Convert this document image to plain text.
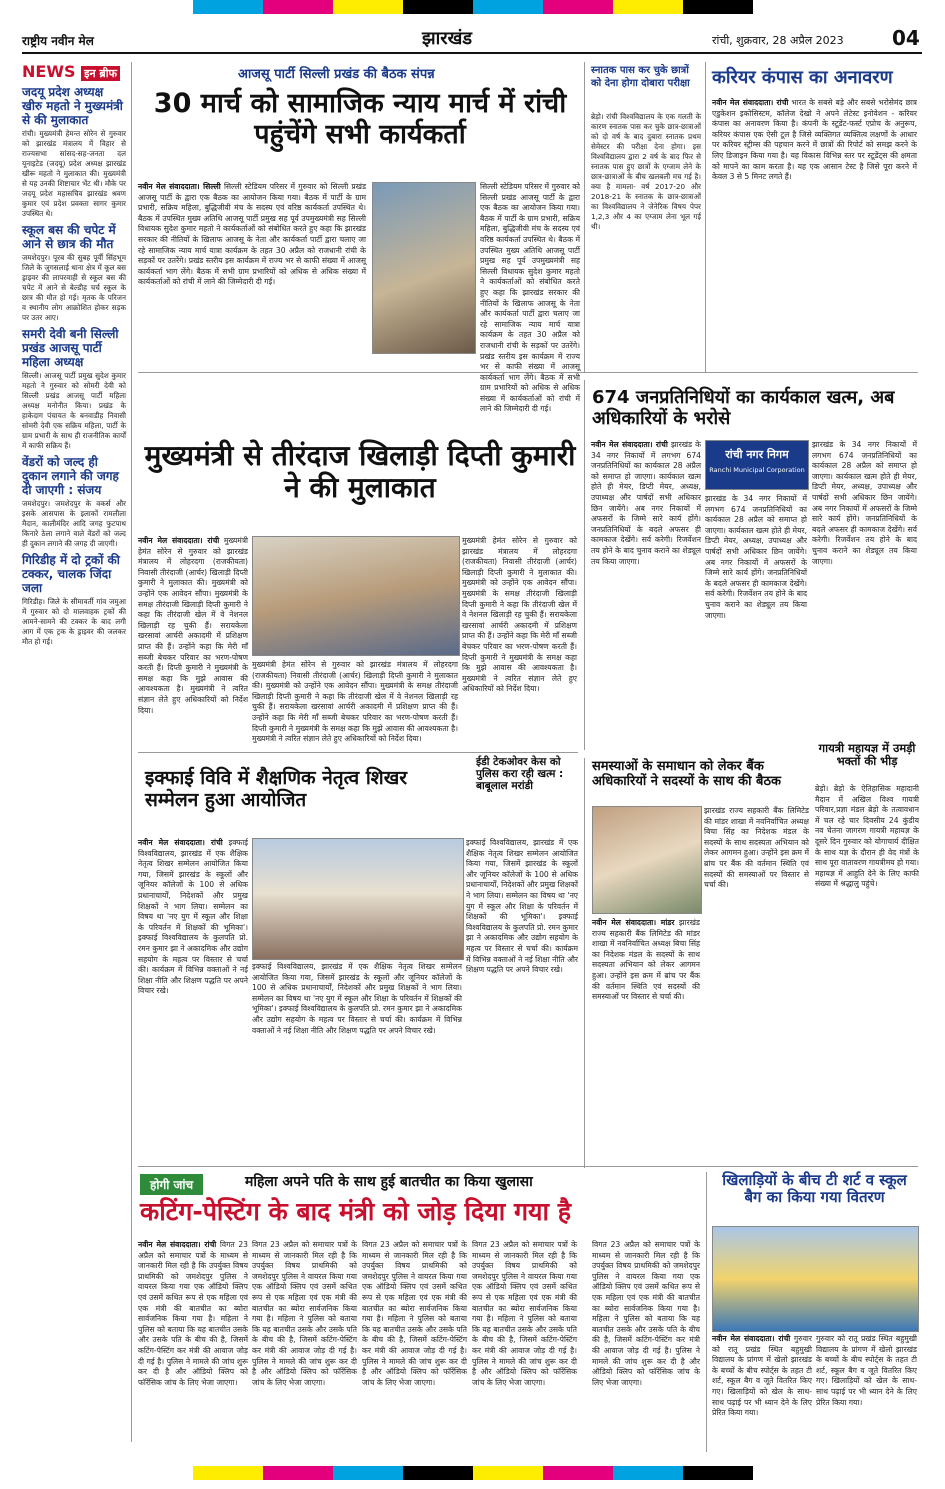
राष्ट्रीय नवीन मेल	झारखंड	रांची, शुक्रवार, 28 अप्रैल 2023 04
NEWS इन ब्रीफ
जदयू प्रदेश अध्यक्ष खीरु महतो ने मुख्यमंत्री से की मुलाकात
रांची। मुख्यमंत्री हेमन्त सोरेन से गुरुवार को झारखंड मंत्रालय में विहार से राज्यसभा सांसद-सह-जनता दल यूनाइटेड (जदयू) प्रदेश अध्यक्ष झारखंड खीरू महतो ने मुलाकात की। मुख्यमंत्री से यह उनकी शिष्टाचार भेंट थी। मौके पर जदयू प्रदेश महासचिव झारखंड श्रवण कुमार एवं प्रदेश प्रवक्ता सागर कुमार उपस्थित थे।
स्कूल बस की चपेट में आने से छात्र की मौत
जमशेदपुर। पूरब की सुबह पूर्वी सिंहभूम जिले के जुगसलाई थाना क्षेत्र में कूल बस ड्राइवर की लापरवाही से स्कूल बस की चपेट में आने से बेल्डीह चर्च स्कूल के छात्र की मौत हो गई। मृतक के परिजन व स्थानीय लोग आक्रोशित होकर सड़क पर उतर आए।
समरी देवी बनी सिल्ली प्रखंड आजसू पार्टी महिला अध्यक्ष
सिल्ली। आजसू पार्टी प्रमुख सुदेश कुमार महतो ने गुरुवार को सोमरी देवी को सिल्ली प्रखंड आजसू पार्टी महिला अध्यक्ष मनोनीत किया। प्रखंड के हाकेदाग पंचायत के बनवाडीह निवासी सोमरी देवी एक सक्रिय महिला, पार्टी के ग्राम प्रभारी के साथ ही राजनीतिक कार्यों में काफी सक्रिय हैं।
वेंडरों को जल्द ही दुकान लगाने की जगह दी जाएगी : संजय
जमशेदपुर। जमशेदपुर के वकर्स और इसके आसपास के इलाकों रामलीला मैदान, कालीमंदिर आदि जगह फुटपाथ किनारे ठेला लगाने वाले वेंडरों को जल्द ही दुकान लगाने की जगह दी जाएगी।
गिरिडीह में दो ट्रकों की टक्कर, चालक जिंदा जला
गिरिडीह। जिले के सीमावर्ती गांव जमुआ में गुरुवार को दो मालवाहक ट्रकों की आमने-सामने की टक्कर के बाद लगी आग में एक ट्रक के ड्राइवर की जलकर मौत हो गई।
आजसू पार्टी सिल्ली प्रखंड की बैठक संपन्न
30 मार्च को सामाजिक न्याय मार्च में रांची पहुंचेंगे सभी कार्यकर्ता
नवीन मेल संवाददाता। सिल्ली सिल्ली स्टेडियम परिसर में गुरुवार को सिल्ली प्रखंड आजसू पार्टी के द्वारा एक बैठक का आयोजन किया गया। बैठक में पार्टी के ग्राम प्रभारी, सक्रिय महिला, बुद्धिजीवी मंच के सदस्य एवं वरिष्ठ कार्यकर्ता उपस्थित थे। बैठक में उपस्थित मुख्य अतिथि आजसू पार्टी प्रमुख सह पूर्व उपमुख्यमंत्री सह सिल्ली विधायक सुदेश कुमार महतो ने कार्यकर्ताओं को संबोधित करते हुए कहा कि झारखंड सरकार की नीतियों के खिलाफ आजसू के नेता और कार्यकर्ता पार्टी द्वारा चलाए जा रहे सामाजिक न्याय मार्च यात्रा कार्यक्रम के तहत 30 अप्रैल को राजधानी रांची के सड़कों पर उतरेंगे। प्रखंड स्तरीय इस कार्यक्रम में राज्य भर से काफी संख्या में आजसू कार्यकर्ता भाग लेंगे। बैठक में सभी ग्राम प्रभारियों को अधिक से अधिक संख्या में कार्यकर्ताओं को रांची में लाने की जिम्मेदारी दी गई।
सिल्ली स्टेडियम परिसर में गुरुवार को सिल्ली प्रखंड आजसू पार्टी के द्वारा एक बैठक का आयोजन किया गया। बैठक में पार्टी के ग्राम प्रभारी, सक्रिय महिला, बुद्धिजीवी मंच के सदस्य एवं वरिष्ठ कार्यकर्ता उपस्थित थे। बैठक में उपस्थित मुख्य अतिथि आजसू पार्टी प्रमुख सह पूर्व उपमुख्यमंत्री सह सिल्ली विधायक सुदेश कुमार महतो ने कार्यकर्ताओं को संबोधित करते हुए कहा कि झारखंड सरकार की नीतियों के खिलाफ आजसू के नेता और कार्यकर्ता पार्टी द्वारा चलाए जा रहे सामाजिक न्याय मार्च यात्रा कार्यक्रम के तहत 30 अप्रैल को राजधानी रांची के सड़कों पर उतरेंगे। प्रखंड स्तरीय इस कार्यक्रम में राज्य भर से काफी संख्या में आजसू कार्यकर्ता भाग लेंगे। बैठक में सभी ग्राम प्रभारियों को अधिक से अधिक संख्या में कार्यकर्ताओं को रांची में लाने की जिम्मेदारी दी गई।
स्नातक पास कर चुके छात्रों को देना होगा दोबारा परीक्षा
ब्रेड़ो। रांची विश्वविद्यालय के एक गलती के कारण स्नातक पास कर चुके छात्र-छात्राओं को दो वर्ष के बाद दुबारा स्नातक प्रथम सेमेस्टर की परीक्षा देना होगा। इस विश्वविद्यालय द्वारा 2 वर्ष के बाद फिर से स्नातक पास हुए छात्रों के एग्जाम लेने के छात्र-छात्राओं के बीच खलबली मच गई है। क्या है मामला- वर्ष 2017-20 और 2018-21 के स्नातक के छात्र-छात्राओं का विश्वविद्यालय ने जेनेरिक विषय पेपर 1,2,3 और 4 का एग्जाम लेना भूल गई थी।
करियर कंपास का अनावरण
नवीन मेल संवाददाता। रांची भारत के सबसे बड़े और सबसे भरोसेमंद छात्र एडुकेशन इकोसिस्टम, कॉलेज देखो ने अपने लेटेस्ट इनोवेशन - करियर कंपास का अनावरण किया है। कंपनी के स्टूडेंट-फर्स्ट एप्रोच के अनुरूप, करियर कंपास एक ऐसी टूल है जिसे व्यक्तिगत व्यक्तित्व लक्षणों के आधार पर करियर स्ट्रीम्स की पहचान करने में छात्रों की रिपोर्ट को समझ करने के लिए डिजाइन किया गया है। यह विकास विभिन्न स्तर पर स्टूडेंट्स की क्षमता को मापने का काम करता है। यह एक आसान टेस्ट है जिसे पूरा करने में केवल 3 से 5 मिनट लगते हैं।
मुख्यमंत्री से तीरंदाज खिलाड़ी दिप्ती कुमारी ने की मुलाकात
नवीन मेल संवाददाता। रांची मुख्यमंत्री हेमंत सोरेन से गुरुवार को झारखंड मंत्रालय में लोहरदगा (राजकीयता) निवासी तीरंदाजी (आर्चर) खिलाड़ी दिप्ती कुमारी ने मुलाकात की। मुख्यमंत्री को उन्होंने एक आवेदन सौंपा। मुख्यमंत्री के समक्ष तीरंदाजी खिलाड़ी दिप्ती कुमारी ने कहा कि तीरंदाजी खेल में वे नेशनल खिलाड़ी रह चुकी हैं। सरायकेला खरसावां आर्चरी अकादमी में प्रशिक्षण प्राप्त की हैं। उन्होंने कहा कि मेरी माँ सब्जी बेचकर परिवार का भरण-पोषण करती हैं। दिप्ती कुमारी ने मुख्यमंत्री के समक्ष कहा कि मुझे आवास की आवश्यकता है। मुख्यमंत्री ने त्वरित संज्ञान लेते हुए अधिकारियों को निर्देश दिया।
मुख्यमंत्री हेमंत सोरेन से गुरुवार को झारखंड मंत्रालय में लोहरदगा (राजकीयता) निवासी तीरंदाजी (आर्चर) खिलाड़ी दिप्ती कुमारी ने मुलाकात की। मुख्यमंत्री को उन्होंने एक आवेदन सौंपा। मुख्यमंत्री के समक्ष तीरंदाजी खिलाड़ी दिप्ती कुमारी ने कहा कि तीरंदाजी खेल में वे नेशनल खिलाड़ी रह चुकी हैं। सरायकेला खरसावां आर्चरी अकादमी में प्रशिक्षण प्राप्त की हैं। उन्होंने कहा कि मेरी माँ सब्जी बेचकर परिवार का भरण-पोषण करती हैं। दिप्ती कुमारी ने मुख्यमंत्री के समक्ष कहा कि मुझे आवास की आवश्यकता है। मुख्यमंत्री ने त्वरित संज्ञान लेते हुए अधिकारियों को निर्देश दिया।
मुख्यमंत्री हेमंत सोरेन से गुरुवार को झारखंड मंत्रालय में लोहरदगा (राजकीयता) निवासी तीरंदाजी (आर्चर) खिलाड़ी दिप्ती कुमारी ने मुलाकात की। मुख्यमंत्री को उन्होंने एक आवेदन सौंपा। मुख्यमंत्री के समक्ष तीरंदाजी खिलाड़ी दिप्ती कुमारी ने कहा कि तीरंदाजी खेल में वे नेशनल खिलाड़ी रह चुकी हैं। सरायकेला खरसावां आर्चरी अकादमी में प्रशिक्षण प्राप्त की हैं। उन्होंने कहा कि मेरी माँ सब्जी बेचकर परिवार का भरण-पोषण करती हैं। दिप्ती कुमारी ने मुख्यमंत्री के समक्ष कहा कि मुझे आवास की आवश्यकता है। मुख्यमंत्री ने त्वरित संज्ञान लेते हुए अधिकारियों को निर्देश दिया।
674 जनप्रतिनिधियों का कार्यकाल खत्म, अब अधिकारियों के भरोसे
नवीन मेल संवाददाता। रांची झारखंड के 34 नगर निकायों में लगभग 674 जनप्रतिनिधियों का कार्यकाल 28 अप्रैल को समाप्त हो जाएगा। कार्यकाल खत्म होते ही मेयर, डिप्टी मेयर, अध्यक्ष, उपाध्यक्ष और पार्षदों सभी अधिकार छिन जायेंगे। अब नगर निकायों में अफसरों के जिम्मे सारे कार्य होंगे। जनप्रतिनिधियों के बदले अफसर ही कामकाज देखेंगे। सर्व करेगी। रिजर्वेशन तय होने के बाद चुनाव कराने का शेड्यूल तय किया जाएगा।
रांची नगर निगम
Ranchi Municipal Corporation
झारखंड के 34 नगर निकायों में लगभग 674 जनप्रतिनिधियों का कार्यकाल 28 अप्रैल को समाप्त हो जाएगा। कार्यकाल खत्म होते ही मेयर, डिप्टी मेयर, अध्यक्ष, उपाध्यक्ष और पार्षदों सभी अधिकार छिन जायेंगे। अब नगर निकायों में अफसरों के जिम्मे सारे कार्य होंगे। जनप्रतिनिधियों के बदले अफसर ही कामकाज देखेंगे। सर्व करेगी। रिजर्वेशन तय होने के बाद चुनाव कराने का शेड्यूल तय किया जाएगा।
झारखंड के 34 नगर निकायों में लगभग 674 जनप्रतिनिधियों का कार्यकाल 28 अप्रैल को समाप्त हो जाएगा। कार्यकाल खत्म होते ही मेयर, डिप्टी मेयर, अध्यक्ष, उपाध्यक्ष और पार्षदों सभी अधिकार छिन जायेंगे। अब नगर निकायों में अफसरों के जिम्मे सारे कार्य होंगे। जनप्रतिनिधियों के बदले अफसर ही कामकाज देखेंगे। सर्व करेगी। रिजर्वेशन तय होने के बाद चुनाव कराने का शेड्यूल तय किया जाएगा।
इक्फाई विवि में शैक्षणिक नेतृत्व शिखर सम्मेलन हुआ आयोजित
नवीन मेल संवाददाता। रांची इक्फाई विश्वविद्यालय, झारखंड में एक शैक्षिक नेतृत्व शिखर सम्मेलन आयोजित किया गया, जिसमें झारखंड के स्कूलों और जूनियर कॉलेजों के 100 से अधिक प्रधानाचार्यों, निदेशकों और प्रमुख शिक्षकों ने भाग लिया। सम्मेलन का विषय था 'नए युग में स्कूल और शिक्षा के परिवर्तन में शिक्षकों की भूमिका'। इक्फाई विश्वविद्यालय के कुलपति प्रो. रमन कुमार झा ने अकादमिक और उद्योग सहयोग के महत्व पर विस्तार से चर्चा की। कार्यक्रम में विभिन्न वक्ताओं ने नई शिक्षा नीति और शिक्षण पद्धति पर अपने विचार रखे।
इक्फाई विश्वविद्यालय, झारखंड में एक शैक्षिक नेतृत्व शिखर सम्मेलन आयोजित किया गया, जिसमें झारखंड के स्कूलों और जूनियर कॉलेजों के 100 से अधिक प्रधानाचार्यों, निदेशकों और प्रमुख शिक्षकों ने भाग लिया। सम्मेलन का विषय था 'नए युग में स्कूल और शिक्षा के परिवर्तन में शिक्षकों की भूमिका'। इक्फाई विश्वविद्यालय के कुलपति प्रो. रमन कुमार झा ने अकादमिक और उद्योग सहयोग के महत्व पर विस्तार से चर्चा की। कार्यक्रम में विभिन्न वक्ताओं ने नई शिक्षा नीति और शिक्षण पद्धति पर अपने विचार रखे।
इक्फाई विश्वविद्यालय, झारखंड में एक शैक्षिक नेतृत्व शिखर सम्मेलन आयोजित किया गया, जिसमें झारखंड के स्कूलों और जूनियर कॉलेजों के 100 से अधिक प्रधानाचार्यों, निदेशकों और प्रमुख शिक्षकों ने भाग लिया। सम्मेलन का विषय था 'नए युग में स्कूल और शिक्षा के परिवर्तन में शिक्षकों की भूमिका'। इक्फाई विश्वविद्यालय के कुलपति प्रो. रमन कुमार झा ने अकादमिक और उद्योग सहयोग के महत्व पर विस्तार से चर्चा की। कार्यक्रम में विभिन्न वक्ताओं ने नई शिक्षा नीति और शिक्षण पद्धति पर अपने विचार रखे।
ईडी टेकओवर केस को पुलिस करा रही खत्म : बाबूलाल मरांडी
समस्याओं के समाधान को लेकर बैंक अधिकारियों ने सदस्यों के साथ की बैठक
नवीन मेल संवाददाता। मांडर झारखंड राज्य सहकारी बैंक लिमिटेड की मांडर शाखा में नवनिर्वाचित अध्यक्ष बिचा सिंह का निदेशक मंडल के सदस्यों के साथ सदस्यता अभियान को लेकर आगमन हुआ। उन्होंने इस क्रम में ब्रांच पर बैंक की वर्तमान स्थिति एवं सदस्यों की समस्याओं पर विस्तार से चर्चा की।
झारखंड राज्य सहकारी बैंक लिमिटेड की मांडर शाखा में नवनिर्वाचित अध्यक्ष बिचा सिंह का निदेशक मंडल के सदस्यों के साथ सदस्यता अभियान को लेकर आगमन हुआ। उन्होंने इस क्रम में ब्रांच पर बैंक की वर्तमान स्थिति एवं सदस्यों की समस्याओं पर विस्तार से चर्चा की।
गायत्री महायज्ञ में उमड़ी भक्तों की भीड़
ब्रेड़ो। ब्रेड़ो के ऐतिहासिक महादानी मैदान में अखिल विश्व गायत्री परिवार,प्रज्ञा मंडल ब्रेड़ो के तत्वावधान में चल रहे चार दिवसीय 24 कुंडीय नव चेतना जागरण गायत्री महायज्ञ के दूसरे दिन गुरुवार को योगाचार्य दीक्षित के साथ यज्ञ के दौरान ही वेद मंत्रों के साथ पूरा वातावरण गायत्रीमय हो गया। महायज्ञ में आहुति देने के लिए काफी संख्या में श्रद्धालु पहुंचे।
होगी जांच	महिला अपने पति के साथ हुई बातचीत का किया खुलासा
कटिंग-पेस्टिंग के बाद मंत्री को जोड़ दिया गया है
नवीन मेल संवाददाता। रांची विगत 23 अप्रैल को समाचार पत्रों के माध्यम से जानकारी मिल रही है कि उपर्युक्त विषय प्राथमिकी को जमशेदपुर पुलिस ने वायरल किया गया एक ऑडियो क्लिप एवं उसमें कथित रूप से एक महिला एवं एक मंत्री की बातचीत का ब्योरा सार्वजनिक किया गया है। महिला ने पुलिस को बताया कि यह बातचीत उसके और उसके पति के बीच की है, जिसमें कटिंग-पेस्टिंग कर मंत्री की आवाज जोड़ दी गई है। पुलिस ने मामले की जांच शुरू कर दी है और ऑडियो क्लिप को फॉरेंसिक जांच के लिए भेजा जाएगा।
विगत 23 अप्रैल को समाचार पत्रों के माध्यम से जानकारी मिल रही है कि उपर्युक्त विषय प्राथमिकी को जमशेदपुर पुलिस ने वायरल किया गया एक ऑडियो क्लिप एवं उसमें कथित रूप से एक महिला एवं एक मंत्री की बातचीत का ब्योरा सार्वजनिक किया गया है। महिला ने पुलिस को बताया कि यह बातचीत उसके और उसके पति के बीच की है, जिसमें कटिंग-पेस्टिंग कर मंत्री की आवाज जोड़ दी गई है। पुलिस ने मामले की जांच शुरू कर दी है और ऑडियो क्लिप को फॉरेंसिक जांच के लिए भेजा जाएगा।
विगत 23 अप्रैल को समाचार पत्रों के माध्यम से जानकारी मिल रही है कि उपर्युक्त विषय प्राथमिकी को जमशेदपुर पुलिस ने वायरल किया गया एक ऑडियो क्लिप एवं उसमें कथित रूप से एक महिला एवं एक मंत्री की बातचीत का ब्योरा सार्वजनिक किया गया है। महिला ने पुलिस को बताया कि यह बातचीत उसके और उसके पति के बीच की है, जिसमें कटिंग-पेस्टिंग कर मंत्री की आवाज जोड़ दी गई है। पुलिस ने मामले की जांच शुरू कर दी है और ऑडियो क्लिप को फॉरेंसिक जांच के लिए भेजा जाएगा।
विगत 23 अप्रैल को समाचार पत्रों के माध्यम से जानकारी मिल रही है कि उपर्युक्त विषय प्राथमिकी को जमशेदपुर पुलिस ने वायरल किया गया एक ऑडियो क्लिप एवं उसमें कथित रूप से एक महिला एवं एक मंत्री की बातचीत का ब्योरा सार्वजनिक किया गया है। महिला ने पुलिस को बताया कि यह बातचीत उसके और उसके पति के बीच की है, जिसमें कटिंग-पेस्टिंग कर मंत्री की आवाज जोड़ दी गई है। पुलिस ने मामले की जांच शुरू कर दी है और ऑडियो क्लिप को फॉरेंसिक जांच के लिए भेजा जाएगा।
विगत 23 अप्रैल को समाचार पत्रों के माध्यम से जानकारी मिल रही है कि उपर्युक्त विषय प्राथमिकी को जमशेदपुर पुलिस ने वायरल किया गया एक ऑडियो क्लिप एवं उसमें कथित रूप से एक महिला एवं एक मंत्री की बातचीत का ब्योरा सार्वजनिक किया गया है। महिला ने पुलिस को बताया कि यह बातचीत उसके और उसके पति के बीच की है, जिसमें कटिंग-पेस्टिंग कर मंत्री की आवाज जोड़ दी गई है। पुलिस ने मामले की जांच शुरू कर दी है और ऑडियो क्लिप को फॉरेंसिक जांच के लिए भेजा जाएगा।
खिलाड़ियों के बीच टी शर्ट व स्कूल बैग का किया गया वितरण
नवीन मेल संवाददाता। रांची गुरुवार को रातू प्रखंड स्थित बहुमुखी विद्यालय के प्रांगण में खेलो झारखंड के बच्चों के बीच स्पोर्ट्स के तहत टी शर्ट, स्कूल बैग व जूते वितरित किए गए। खिलाड़ियों को खेल के साथ-साथ पढ़ाई पर भी ध्यान देने के लिए प्रेरित किया गया।
गुरुवार को रातू प्रखंड स्थित बहुमुखी विद्यालय के प्रांगण में खेलो झारखंड के बच्चों के बीच स्पोर्ट्स के तहत टी शर्ट, स्कूल बैग व जूते वितरित किए गए। खिलाड़ियों को खेल के साथ-साथ पढ़ाई पर भी ध्यान देने के लिए प्रेरित किया गया।
